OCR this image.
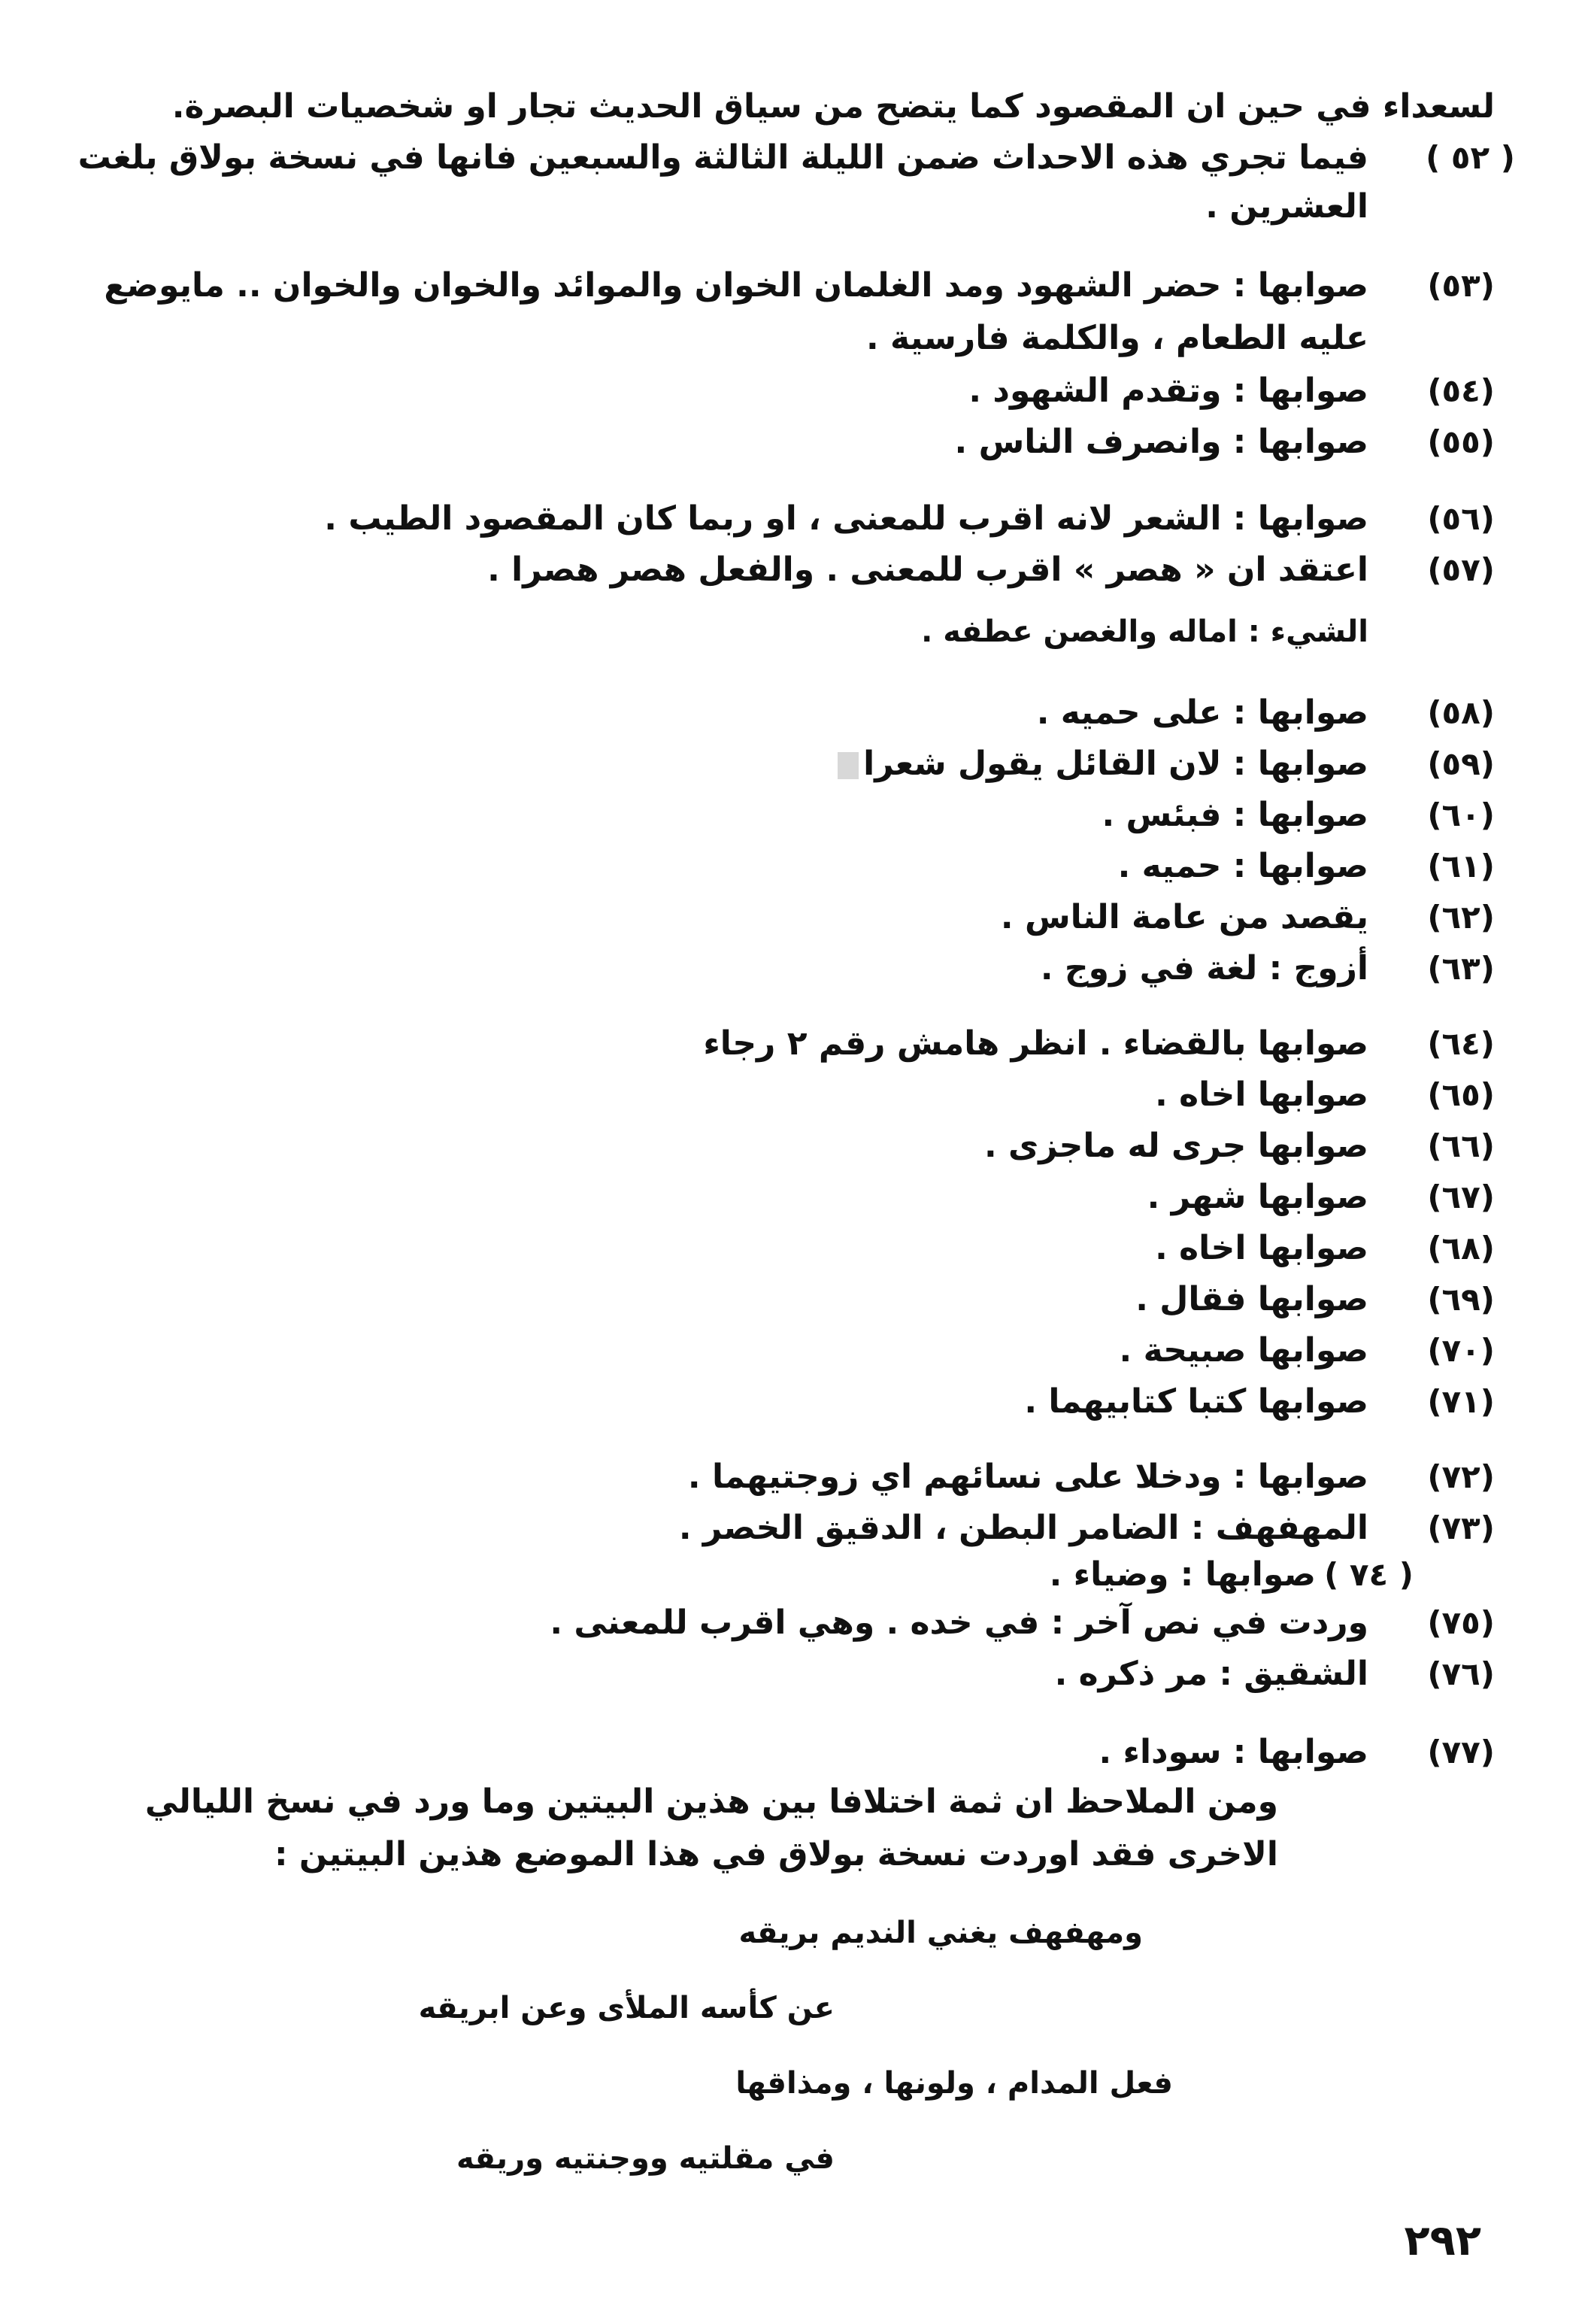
لسعداء في حين ان المقصود كما يتضح من سياق الحديث تجار او شخصيات البصرة.
( ٥٢ )
فيما تجري هذه الاحداث ضمن الليلة الثالثة والسبعين فانها في نسخة بولاق بلغت
العشرين .
(٥٣)
صوابها : حضر الشهود ومد الغلمان الخوان والموائد والخوان والخوان .. مايوضع
عليه الطعام ، والكلمة فارسية .
(٥٤)
صوابها : وتقدم الشهود .
(٥٥)
صوابها : وانصرف الناس .
(٥٦)
صوابها : الشعر لانه اقرب للمعنى ، او ربما كان المقصود الطيب .
(٥٧)
اعتقد ان « هصر » اقرب للمعنى . والفعل هصر هصرا .
الشيء : اماله والغصن عطفه .
(٥٨)
صوابها : على حميه .
(٥٩)
صوابها : لان القائل يقول شعرا
(٦٠)
صوابها : فبئس .
(٦١)
صوابها : حميه .
(٦٢)
يقصد من عامة الناس .
(٦٣)
أزوج : لغة في زوج .
(٦٤)
صوابها بالقضاء . انظر هامش رقم ٢ رجاء
(٦٥)
صوابها اخاه .
(٦٦)
صوابها جرى له ماجزى .
(٦٧)
صوابها شهر .
(٦٨)
صوابها اخاه .
(٦٩)
صوابها فقال .
(٧٠)
صوابها صبيحة .
(٧١)
صوابها كتبا كتابيهما .
(٧٢)
صوابها : ودخلا على نسائهم اي زوجتيهما .
(٧٣)
المهفهف : الضامر البطن ، الدقيق الخصر .
( ٧٤ )
صوابها : وضياء .
(٧٥)
وردت في نص آخر : في خده . وهي اقرب للمعنى .
(٧٦)
الشقيق : مر ذكره .
(٧٧)
صوابها : سوداء .
ومن الملاحظ ان ثمة اختلافا بين هذين البيتين وما ورد في نسخ الليالي
الاخرى فقد اوردت نسخة بولاق في هذا الموضع هذين البيتين :
ومهفهف يغني النديم بريقه
عن كأسه الملأى وعن ابريقه
فعل المدام ، ولونها ، ومذاقها
في مقلتيه ووجنتيه وريقه
٢٩٢
